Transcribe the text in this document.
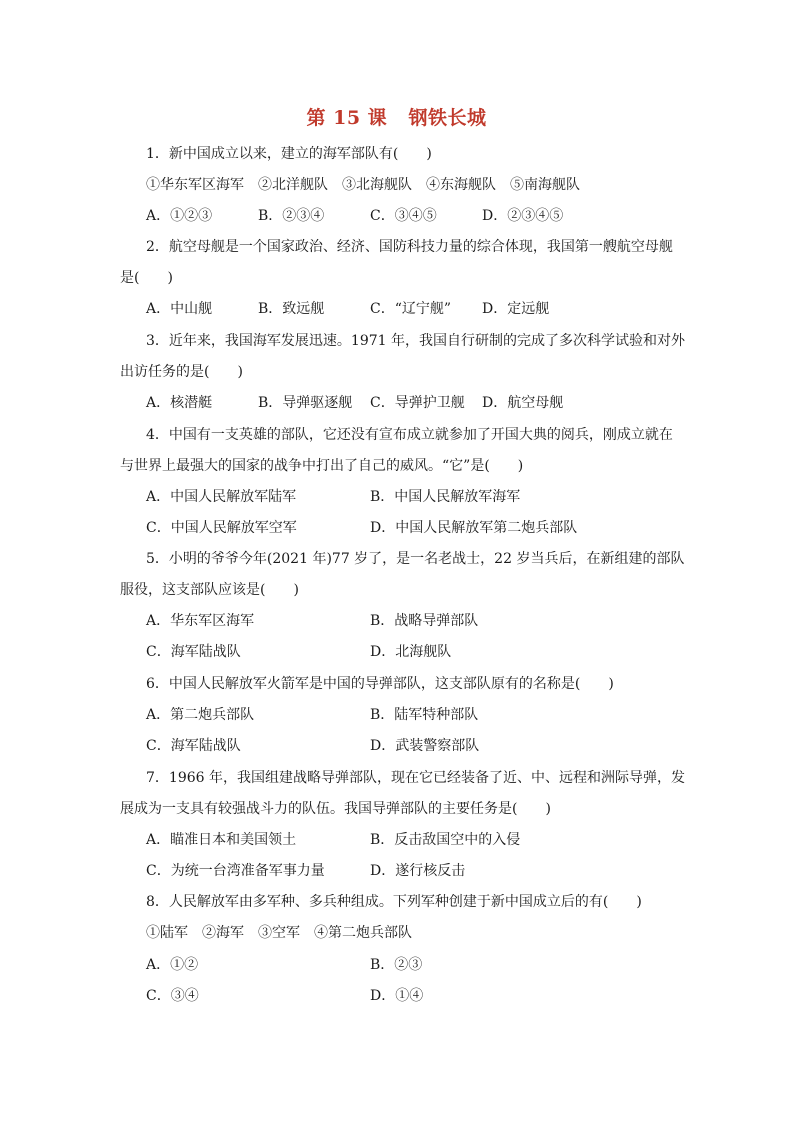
第 15 课   钢铁长城
1．新中国成立以来，建立的海军部队有(　　)
①华东军区海军　②北洋舰队　③北海舰队　④东海舰队　⑤南海舰队
A．①②③	B．②③④	C．③④⑤	D．②③④⑤
2．航空母舰是一个国家政治、经济、国防科技力量的综合体现，我国第一艘航空母舰
是(　　)
A．中山舰	B．致远舰	C．“辽宁舰” D．定远舰
3．近年来，我国海军发展迅速。1971 年，我国自行研制的完成了多次科学试验和对外
出访任务的是(　　)
A．核潜艇	B．导弹驱逐舰 C．导弹护卫舰 D．航空母舰
4．中国有一支英雄的部队，它还没有宣布成立就参加了开国大典的阅兵，刚成立就在
与世界上最强大的国家的战争中打出了自己的威风。“它”是(　　)
A．中国人民解放军陆军	B．中国人民解放军海军
C．中国人民解放军空军	D．中国人民解放军第二炮兵部队
5．小明的爷爷今年(2021 年)77 岁了，是一名老战士，22 岁当兵后，在新组建的部队
服役，这支部队应该是(　　)
A．华东军区海军	B．战略导弹部队
C．海军陆战队	D．北海舰队
6．中国人民解放军火箭军是中国的导弹部队，这支部队原有的名称是(　　)
A．第二炮兵部队	B．陆军特种部队
C．海军陆战队	D．武装警察部队
7．1966 年，我国组建战略导弹部队，现在它已经装备了近、中、远程和洲际导弹，发
展成为一支具有较强战斗力的队伍。我国导弹部队的主要任务是(　　)
A．瞄准日本和美国领土	B．反击敌国空中的入侵
C．为统一台湾准备军事力量	D．遂行核反击
8．人民解放军由多军种、多兵种组成。下列军种创建于新中国成立后的有(　　)
①陆军　②海军　③空军　④第二炮兵部队
A．①②	B．②③
C．③④	D．①④
